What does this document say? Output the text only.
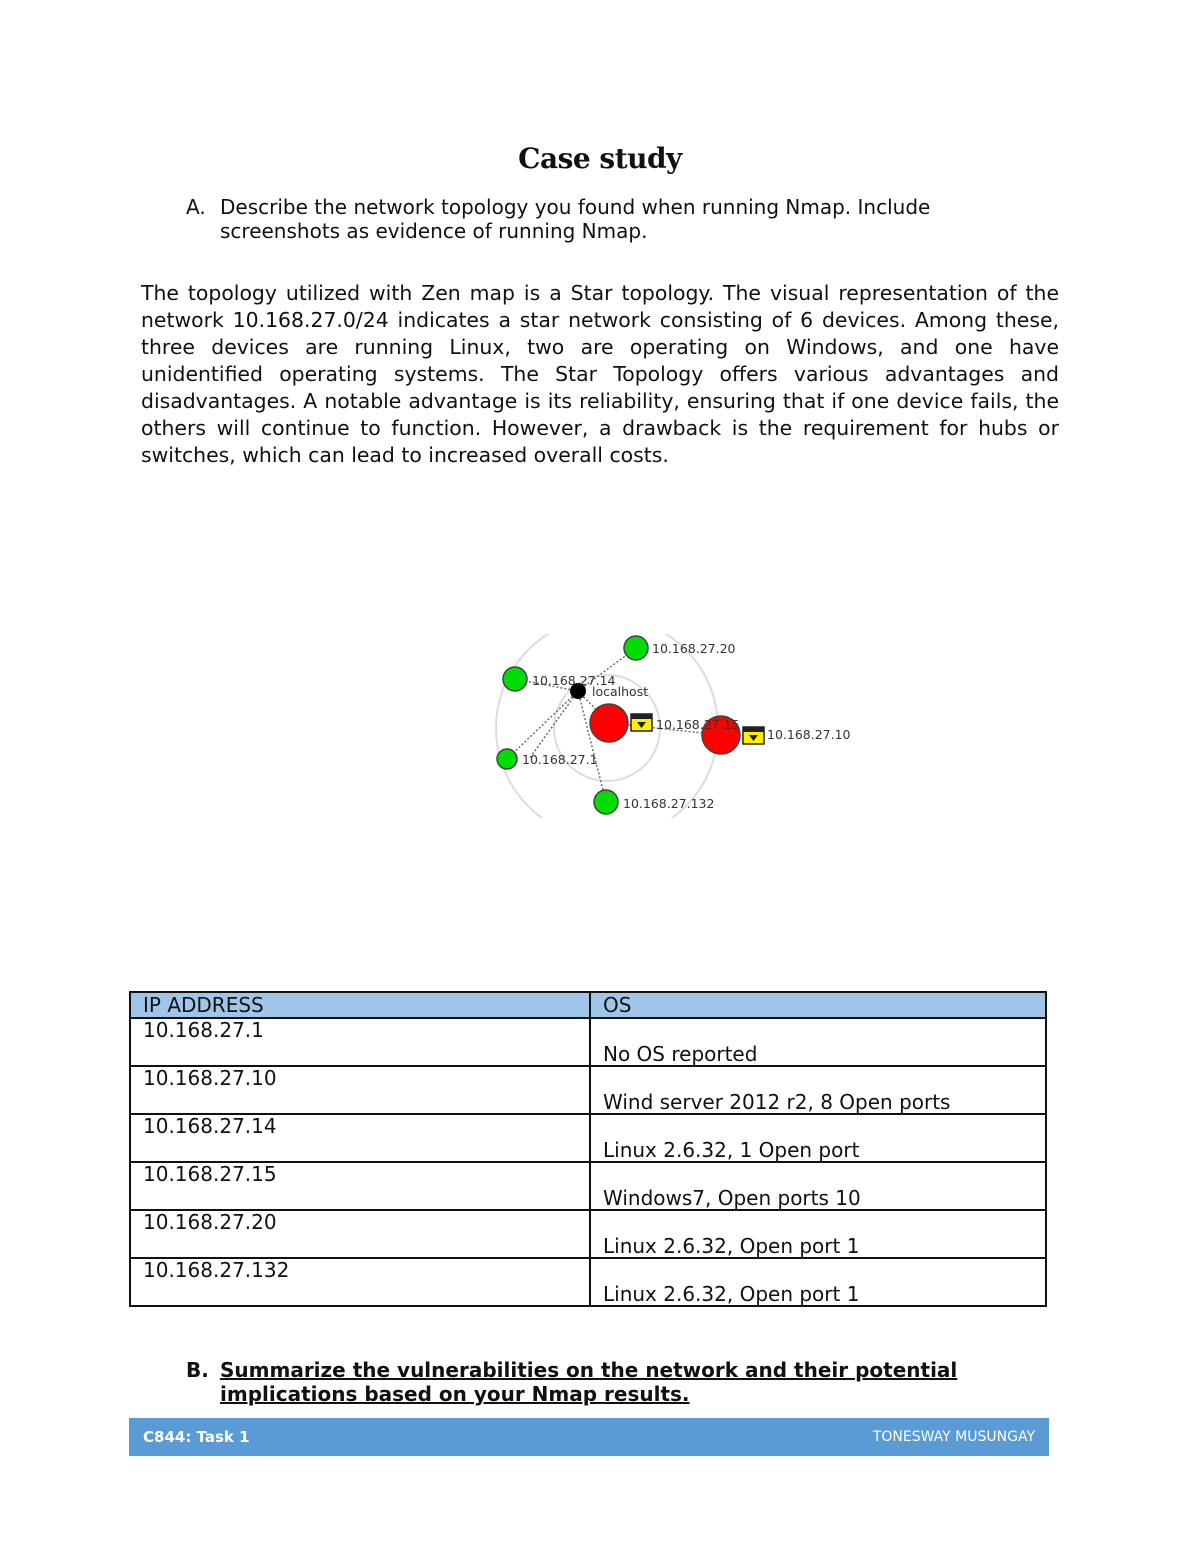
Case study
A. Describe the network topology you found when running Nmap. Include screenshots as evidence of running Nmap.
The topology utilized with Zen map is a Star topology. The visual representation of the network 10.168.27.0/24 indicates a star network consisting of 6 devices. Among these, three devices are running Linux, two are operating on Windows, and one have unidentified operating systems. The Star Topology offers various advantages and disadvantages. A notable advantage is its reliability, ensuring that if one device fails, the others will continue to function. However, a drawback is the requirement for hubs or switches, which can lead to increased overall costs.
10.168.27.20
10.168.27.14
localhost
10.168.27.15
10.168.27.10
10.168.27.1
10.168.27.132
IP ADDRESS	OS

10.168.27.1	No OS reported

10.168.27.10	Wind server 2012 r2, 8 Open ports

10.168.27.14	Linux 2.6.32, 1 Open port

10.168.27.15	Windows7, Open ports 10

10.168.27.20	Linux 2.6.32, Open port 1

10.168.27.132	Linux 2.6.32, Open port 1
B. Summarize the vulnerabilities on the network and their potential implications based on your Nmap results.
C844: Task 1	TONESWAY MUSUNGAY
